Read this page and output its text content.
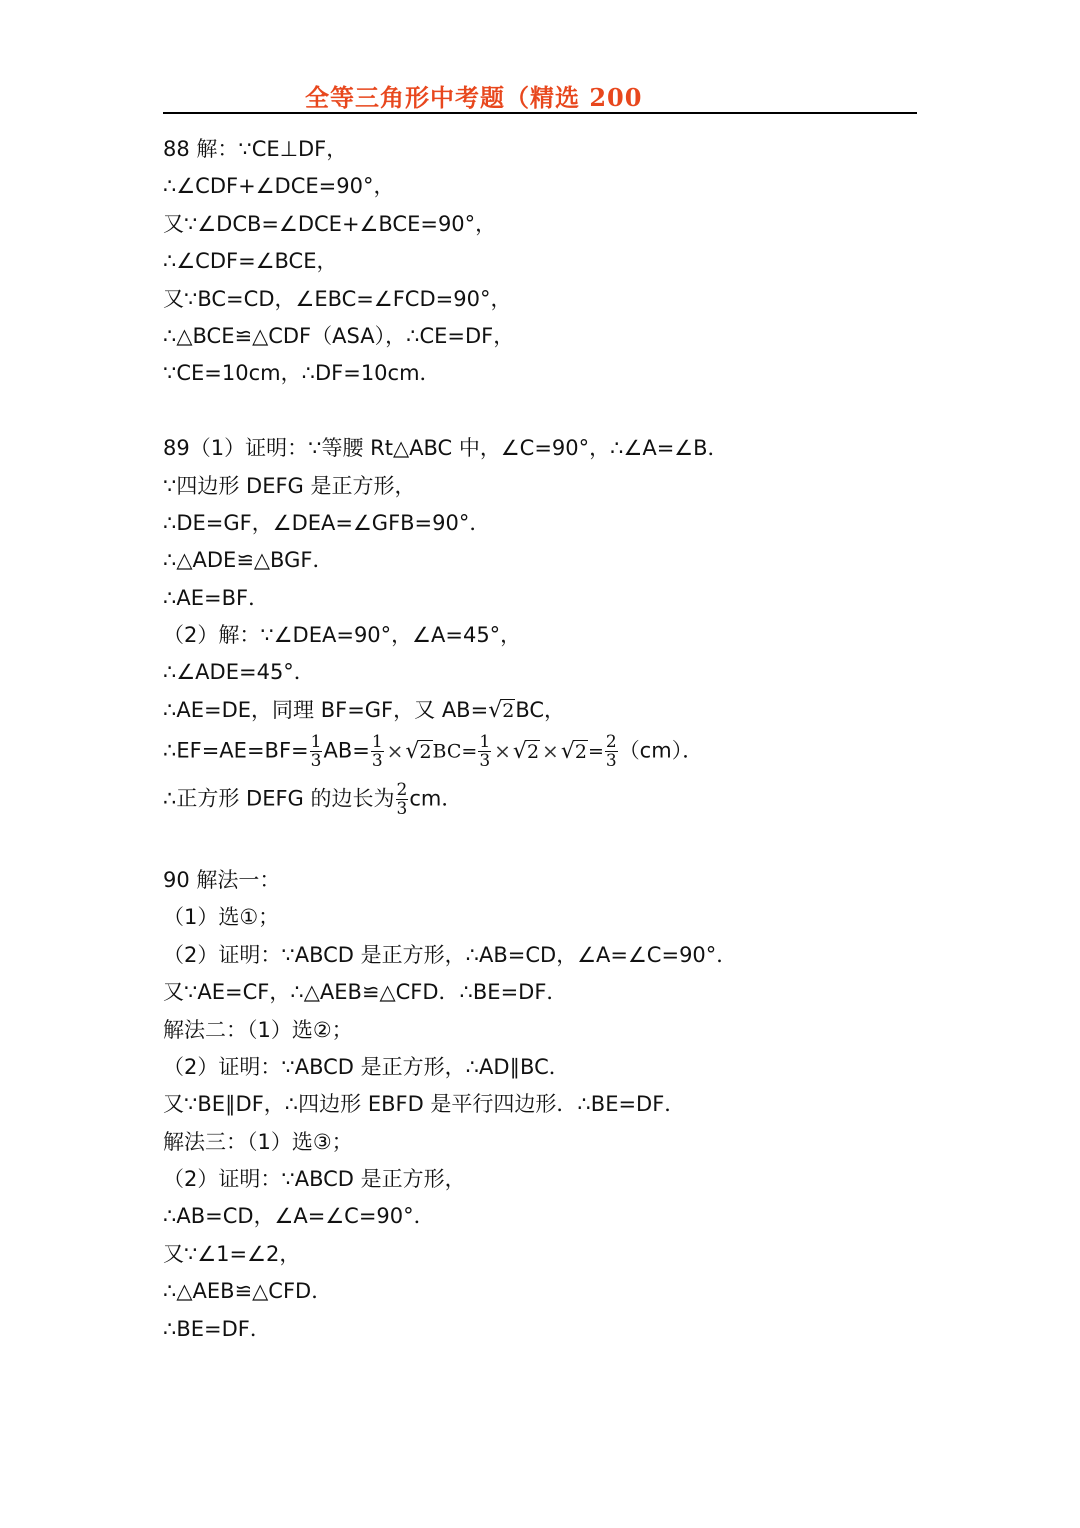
全等三角形中考题（精选 200
88 解：∵CE⊥DF，
∴∠CDF+∠DCE=90°，
又∵∠DCB=∠DCE+∠BCE=90°，
∴∠CDF=∠BCE，
又∵BC=CD，∠EBC=∠FCD=90°，
∴△BCE≌△CDF（ASA），∴CE=DF，
∵CE=10cm，∴DF=10cm．
89（1）证明：∵等腰 Rt△ABC 中，∠C=90°，∴∠A=∠B．
∵四边形 DEFG 是正方形，
∴DE=GF，∠DEA=∠GFB=90°．
∴△ADE≌△BGF．
∴AE=BF．
（2）解：∵∠DEA=90°，∠A=45°，
∴∠ADE=45°．
∴AE=DE，同理 BF=GF，又 AB=√2BC，
∴EF=AE=BF= $\frac{1}{3} AB= \frac{1}{3} \times√2BC= \frac{1}{3} \times√2 \times√2= \frac{2}{3} (cm)$．
∴正方形 DEFG 的边长为 $\frac{2}{3}$ cm．
90 解法一：
（1）选①；
（2）证明：∵ABCD 是正方形，∴AB=CD，∠A=∠C=90°．
又∵AE=CF，∴△AEB≌△CFD．∴BE=DF．
解法二：（1）选②；
（2）证明：∵ABCD 是正方形，∴AD∥BC．
又∵BE∥DF，∴四边形 EBFD 是平行四边形．∴BE=DF．
解法三：（1）选③；
（2）证明：∵ABCD 是正方形，
∴AB=CD，∠A=∠C=90°．
又∵∠1=∠2，
∴△AEB≌△CFD．
∴BE=DF．
